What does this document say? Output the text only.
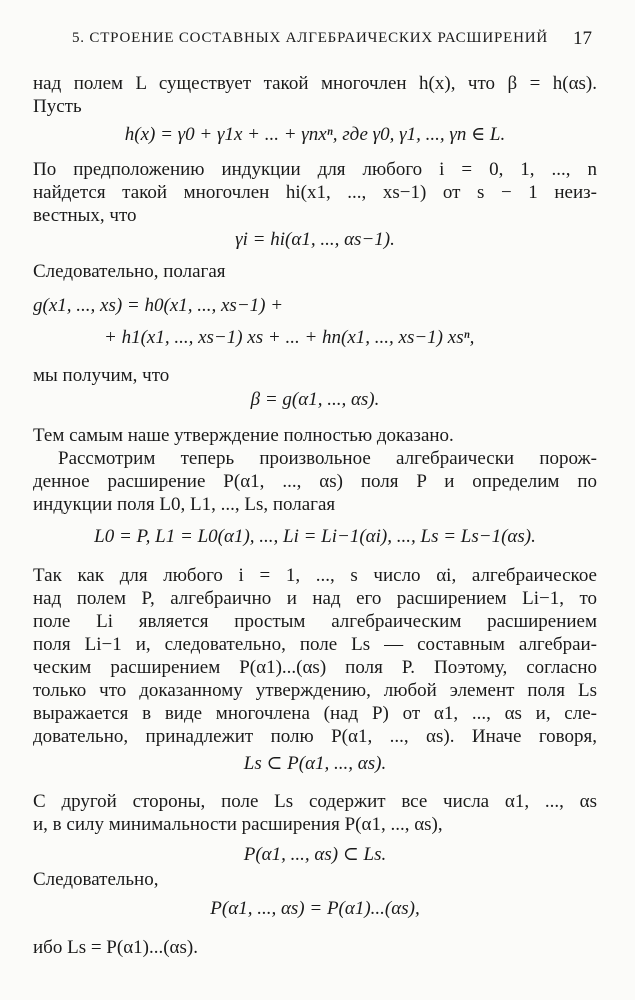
5. СТРОЕНИЕ СОСТАВНЫХ АЛГЕБРАИЧЕСКИХ РАСШИРЕНИЙ 17
над полем L существует такой многочлен h(x), что β = h(αs).
Пусть
h(x) = γ0 + γ1x + ... + γnxⁿ, где γ0, γ1, ..., γn ∈ L.
По предположению индукции для любого i = 0, 1, ..., n
найдется такой многочлен hi(x1, ..., xs−1) от s − 1 неиз-
вестных, что
γi = hi(α1, ..., αs−1).
Следовательно, полагая
g(x1, ..., xs) = h0(x1, ..., xs−1) +
+ h1(x1, ..., xs−1) xs + ... + hn(x1, ..., xs−1) xsⁿ,
мы получим, что
β = g(α1, ..., αs).
Тем самым наше утверждение полностью доказано.
Рассмотрим теперь произвольное алгебраически порож-
денное расширение P(α1, ..., αs) поля P и определим по
индукции поля L0, L1, ..., Ls, полагая
L0 = P, L1 = L0(α1), ..., Li = Li−1(αi), ..., Ls = Ls−1(αs).
Так как для любого i = 1, ..., s число αi, алгебраическое
над полем P, алгебраично и над его расширением Li−1, то
поле Li является простым алгебраическим расширением
поля Li−1 и, следовательно, поле Ls — составным алгебраи-
ческим расширением P(α1)...(αs) поля P. Поэтому, согласно
только что доказанному утверждению, любой элемент поля Ls
выражается в виде многочлена (над P) от α1, ..., αs и, сле-
довательно, принадлежит полю P(α1, ..., αs). Иначе говоря,
Ls ⊂ P(α1, ..., αs).
С другой стороны, поле Ls содержит все числа α1, ..., αs
и, в силу минимальности расширения P(α1, ..., αs),
P(α1, ..., αs) ⊂ Ls.
Следовательно,
P(α1, ..., αs) = P(α1)...(αs),
ибо Ls = P(α1)...(αs).
